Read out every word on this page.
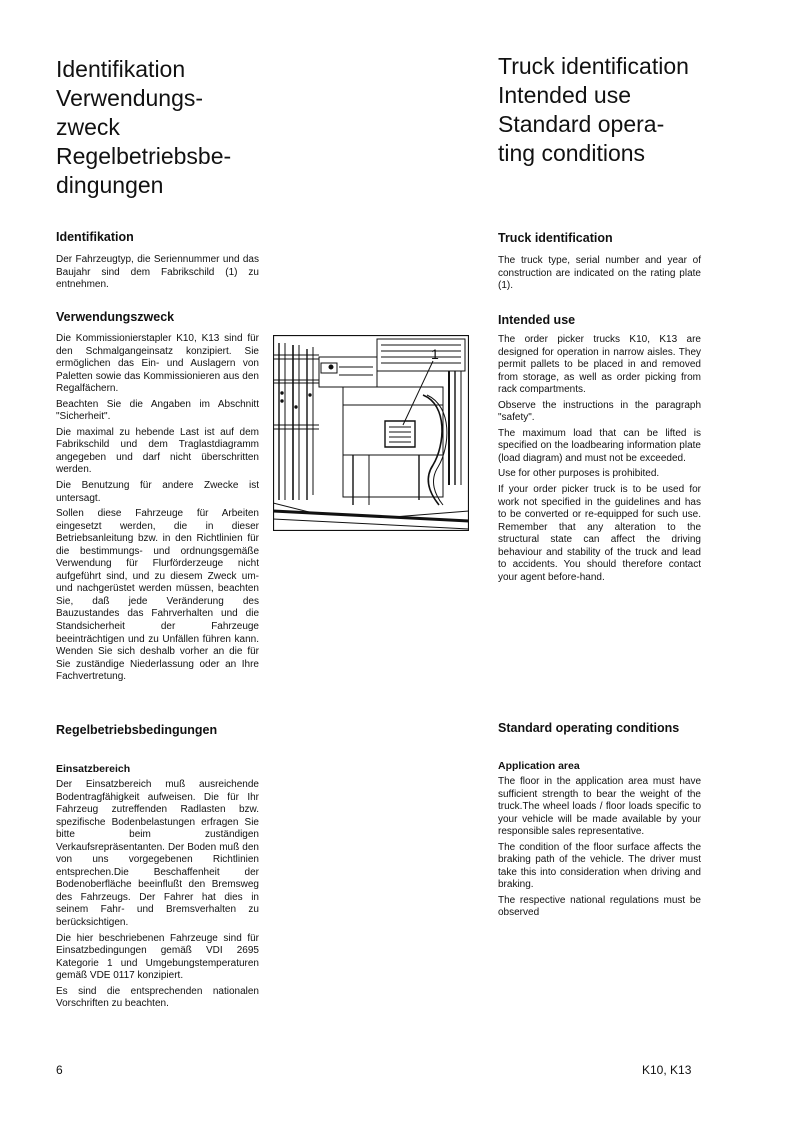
Identifikation
Verwendungs-
zweck
Regelbetriebsbe-
dingungen
Truck identification
Intended use
Standard opera-
ting conditions
Identifikation

Der Fahrzeugtyp, die Seriennummer und das Baujahr sind dem Fabrikschild (1) zu entnehmen.

Verwendungszweck

Die Kommissionierstapler K10, K13 sind für den Schmalgangeinsatz konzipiert. Sie ermöglichen das Ein- und Auslagern von Paletten sowie das Kommissionieren aus den Regalfächern.

Beachten Sie die Angaben im Abschnitt "Sicherheit".

Die maximal zu hebende Last ist auf dem Fabrikschild und dem Traglastdiagramm angegeben und darf nicht überschritten werden.

Die Benutzung für andere Zwecke ist untersagt.

Sollen diese Fahrzeuge für Arbeiten eingesetzt werden, die in dieser Betriebsanleitung bzw. in den Richtlinien für die bestimmungs- und ordnungsgemäße Verwendung für Flurförderzeuge nicht aufgeführt sind, und zu diesem Zweck um- und nachgerüstet werden müssen, beachten Sie, daß jede Veränderung des Bauzustandes das Fahrverhalten und die Standsicherheit der Fahrzeuge beeinträchtigen und zu Unfällen führen kann. Wenden Sie sich deshalb vorher an die für Sie zuständige Niederlassung oder an Ihre Fachvertretung.

Regelbetriebsbedingungen
Einsatzbereich

Der Einsatzbereich muß ausreichende Bodentragfähigkeit aufweisen. Die für Ihr Fahrzeug zutreffenden Radlasten bzw. spezifische Bodenbelastungen erfragen Sie bitte beim zuständigen Verkaufsrepräsentanten. Der Boden muß den von uns vorgegebenen Richtlinien entsprechen.Die Beschaffenheit der Bodenoberfläche beeinflußt den Bremsweg des Fahrzeugs. Der Fahrer hat dies in seinem Fahr- und Bremsverhalten zu berücksichtigen.

Die hier beschriebenen Fahrzeuge sind für Einsatzbedingungen gemäß VDI 2695 Kategorie 1 und Umgebungstemperaturen gemäß VDE 0117 konzipiert.

Es sind die entsprechenden nationalen Vorschriften zu beachten.

Truck identification

The truck type, serial number and year of construction are indicated on the rating plate (1).

Intended use

The order picker trucks K10, K13 are designed for operation in narrow aisles. They permit pallets to be placed in and removed from storage, as well as order picking from rack compartments.

Observe the instructions in the paragraph "safety".

The maximum load that can be lifted is specified on the loadbearing information plate (load diagram) and must not be exceeded.

Use for other purposes is prohibited.

If your order picker truck is to be used for work not specified in the guidelines and has to be converted or re-equipped for such use. Remember that any alteration to the structural state can affect the driving behaviour and stability of the truck and lead to accidents. You should therefore contact your agent before-hand.

Standard operating conditions
Application area

The floor in the application area must have sufficient strength to bear the weight of the truck.The wheel loads / floor loads specific to your vehicle will be made available by your responsible sales representative.

The condition of the floor surface affects the braking path of the vehicle. The driver must take this into consideration when driving and braking.

The respective national regulations must be observed

1
6	K10, K13
